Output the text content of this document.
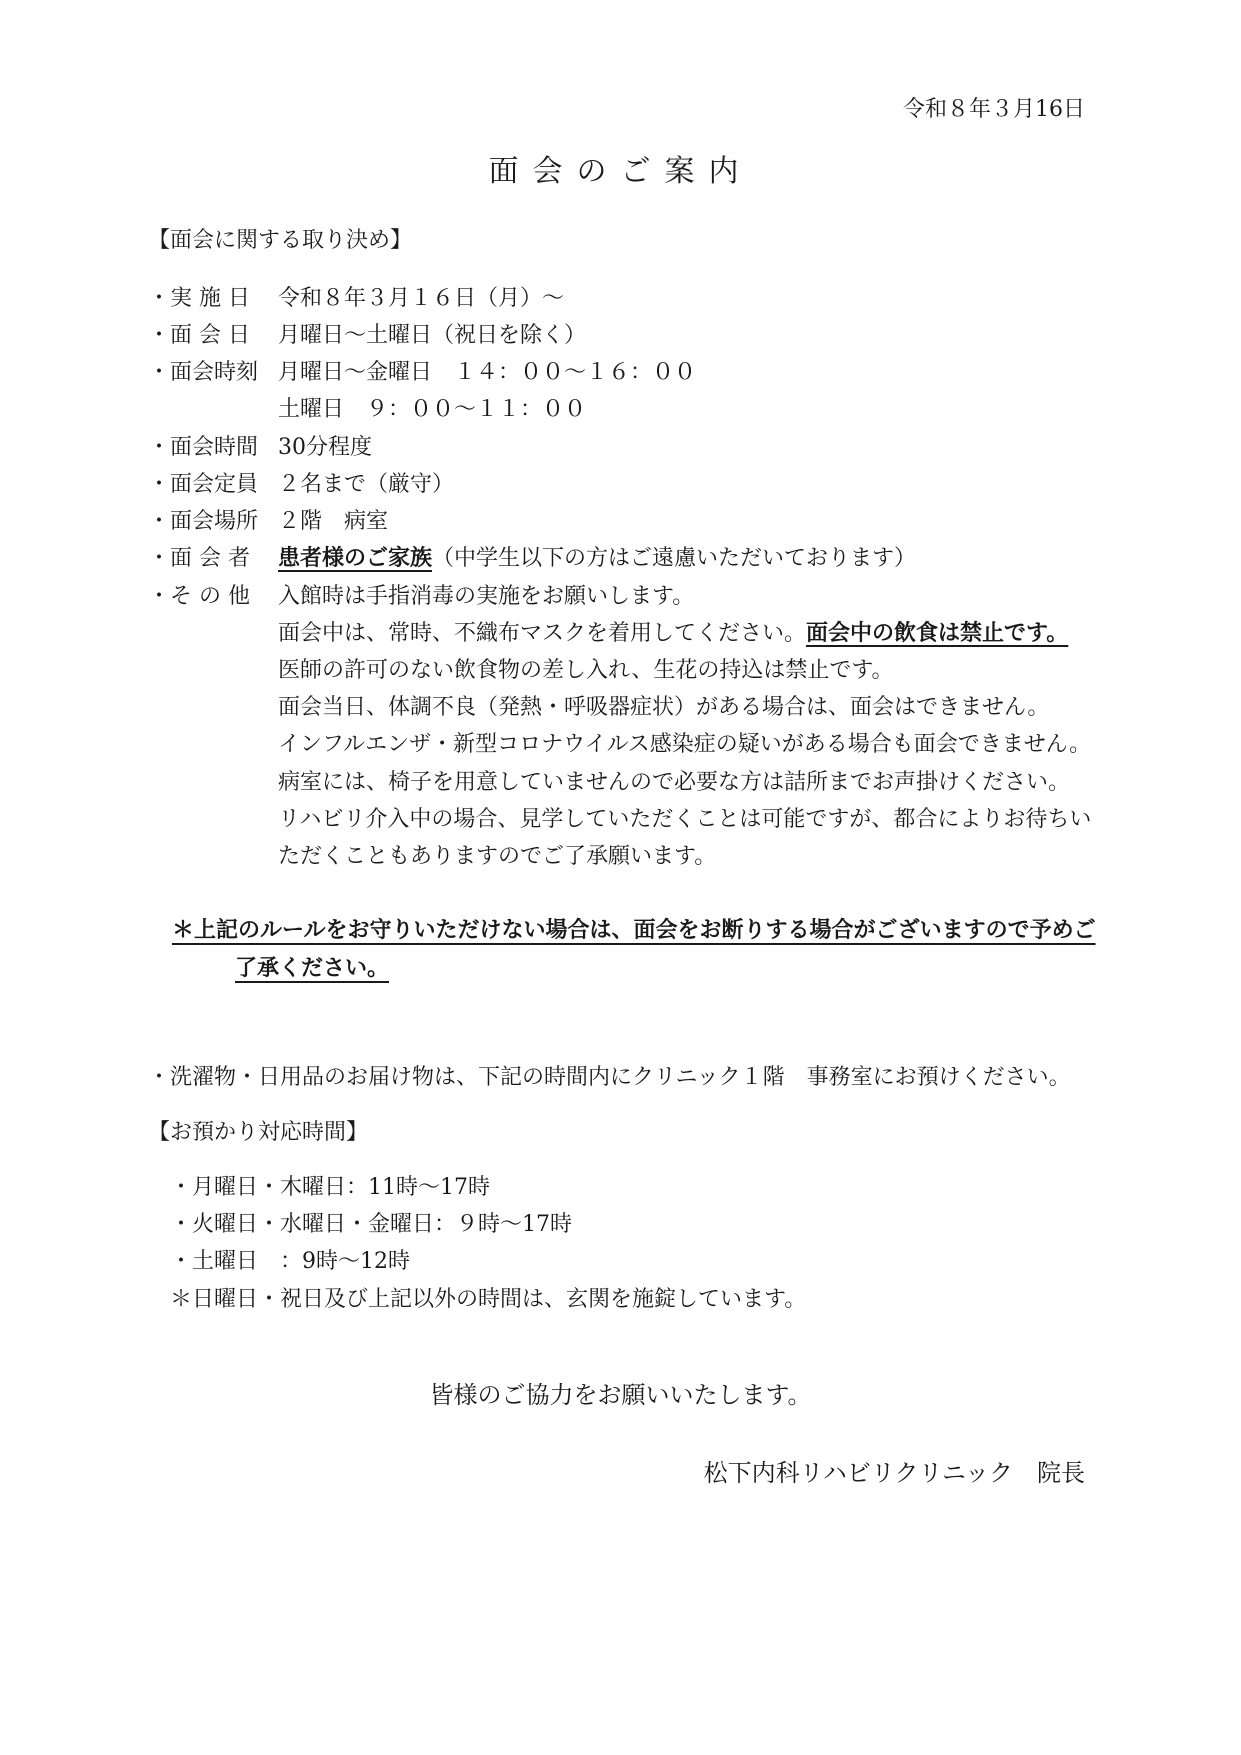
令和８年３月16日
面会のご案内
【面会に関する取り決め】
・実 施 日 令和８年３月１６日（月）～
・面 会 日 月曜日～土曜日（祝日を除く）
・面会時刻 月曜日～金曜日　１４：００～１６：００
土曜日　９：００～１１：００
・面会時間 30分程度
・面会定員 ２名まで（厳守）
・面会場所 ２階　病室
・面 会 者 患者様のご家族（中学生以下の方はご遠慮いただいております）
・そ の 他 入館時は手指消毒の実施をお願いします。
面会中は、常時、不織布マスクを着用してください。面会中の飲食は禁止です。
医師の許可のない飲食物の差し入れ、生花の持込は禁止です。
面会当日、体調不良（発熱・呼吸器症状）がある場合は、面会はできません。
インフルエンザ・新型コロナウイルス感染症の疑いがある場合も面会できません。
病室には、椅子を用意していませんので必要な方は詰所までお声掛けください。
リハビリ介入中の場合、見学していただくことは可能ですが、都合によりお待ちい
ただくこともありますのでご了承願います。
＊上記のルールをお守りいただけない場合は、面会をお断りする場合がございますので予めご
了承ください。
・洗濯物・日用品のお届け物は、下記の時間内にクリニック１階　事務室にお預けください。
【お預かり対応時間】
・月曜日・木曜日：11時～17時
・火曜日・水曜日・金曜日：９時～17時
・土曜日　：9時～12時
＊日曜日・祝日及び上記以外の時間は、玄関を施錠しています。
皆様のご協力をお願いいたします。
松下内科リハビリクリニック　院長
